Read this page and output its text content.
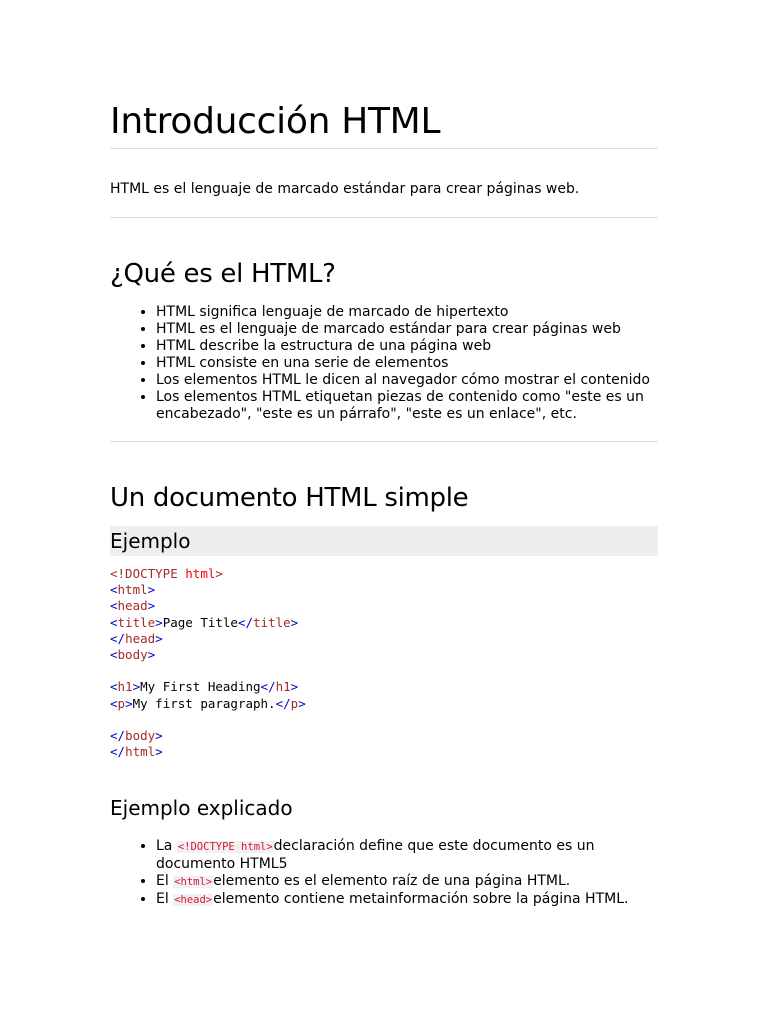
Introducción HTML

HTML es el lenguaje de marcado estándar para crear páginas web.

¿Qué es el HTML?
• HTML significa lenguaje de marcado de hipertexto
• HTML es el lenguaje de marcado estándar para crear páginas web
• HTML describe la estructura de una página web
• HTML consiste en una serie de elementos
• Los elementos HTML le dicen al navegador cómo mostrar el contenido
• Los elementos HTML etiquetan piezas de contenido como "este es un encabezado", "este es un párrafo", "este es un enlace", etc.
Un documento HTML simple
Ejemplo
<!DOCTYPE html>
<html>
<head>
<title>Page Title</title>
</head>
<body>

<h1>My First Heading</h1>
<p>My first paragraph.</p>

</body>
</html>
Ejemplo explicado
• La <!DOCTYPE html>declaración define que este documento es un documento HTML5
• El <html>elemento es el elemento raíz de una página HTML.
• El <head>elemento contiene metainformación sobre la página HTML.
